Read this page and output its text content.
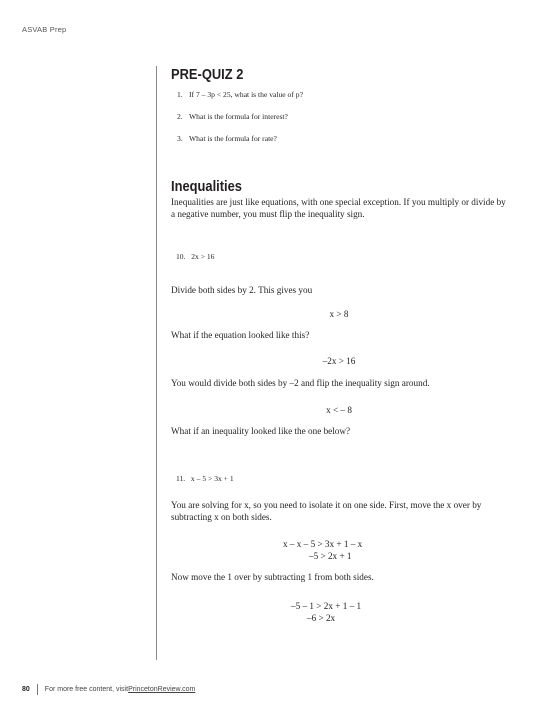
ASVAB Prep
PRE-QUIZ 2
1. If 7 – 3p < 25, what is the value of p?
2. What is the formula for interest?
3. What is the formula for rate?
Inequalities

Inequalities are just like equations, with one special exception. If you multiply or divide by a negative number, you must flip the inequality sign.

10. 2x > 16

Divide both sides by 2. This gives you

x > 8

What if the equation looked like this?

–2x > 16

You would divide both sides by –2 and flip the inequality sign around.

x < – 8

What if an inequality looked like the one below?

11. x – 5 > 3x + 1

You are solving for x, so you need to isolate it on one side. First, move the x over by subtracting x on both sides.

x – x – 5 > 3x + 1 – x
–5 > 2x + 1

Now move the 1 over by subtracting 1 from both sides.

–5 – 1 > 2x + 1 – 1
–6 > 2x
80 For more free content, visit PrincetonReview.com
